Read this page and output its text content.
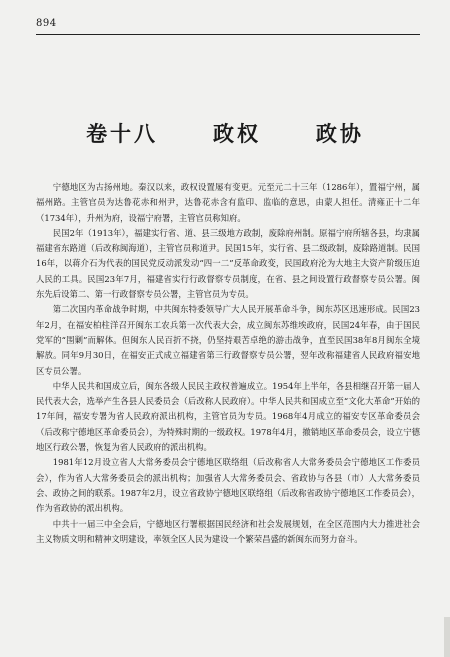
894
卷十八   政权   政协

宁德地区为古扬州地。秦汉以来，政权设置屡有变更。元至元二十三年（1286年），置福宁州，属福州路。主管官员为达鲁花赤和州尹，达鲁花赤含有监印、监临的意思，由蒙人担任。清雍正十二年（1734年），升州为府，设福宁府署，主管官员称知府。

民国2年（1913年），福建实行省、道、县三级地方政制，废除府州制。原福宁府所辖各县，均隶属福建省东路道（后改称闽海道），主管官员称道尹。民国15年，实行省、县二级政制，废除路道制。民国16年，以蒋介石为代表的国民党反动派发动“四一二”反革命政变，民国政府沦为大地主大资产阶级压迫人民的工具。民国23年7月，福建省实行行政督察专员制度，在省、县之间设置行政督察专员公署。闽东先后设第二、第一行政督察专员公署，主管官员为专员。

第二次国内革命战争时期，中共闽东特委领导广大人民开展革命斗争，闽东苏区迅速形成。民国23年2月，在福安柏柱洋召开闽东工农兵第一次代表大会，成立闽东苏维埃政府，民国24年春，由于国民党军的“围剿”而解体。但闽东人民百折不挠，仍坚持艰苦卓绝的游击战争，直至民国38年8月闽东全境解放。同年9月30日，在福安正式成立福建省第三行政督察专员公署，翌年改称福建省人民政府福安地区专员公署。

中华人民共和国成立后，闽东各级人民民主政权普遍成立。1954年上半年，各县相继召开第一届人民代表大会，选举产生各县人民委员会（后改称人民政府）。中华人民共和国成立至“文化大革命”开始的17年间，福安专署为省人民政府派出机构，主管官员为专员。1968年4月成立的福安专区革命委员会（后改称宁德地区革命委员会），为特殊时期的一级政权。1978年4月，撤销地区革命委员会，设立宁德地区行政公署，恢复为省人民政府的派出机构。

1981年12月设立省人大常务委员会宁德地区联络组（后改称省人大常务委员会宁德地区工作委员会），作为省人大常务委员会的派出机构；加强省人大常务委员会、省政协与各县（市）人大常务委员会、政协之间的联系。1987年2月，设立省政协宁德地区联络组（后改称省政协宁德地区工作委员会），作为省政协的派出机构。

中共十一届三中全会后，宁德地区行署根据国民经济和社会发展规划，在全区范围内大力推进社会主义物质文明和精神文明建设，率领全区人民为建设一个繁荣昌盛的新闽东而努力奋斗。
